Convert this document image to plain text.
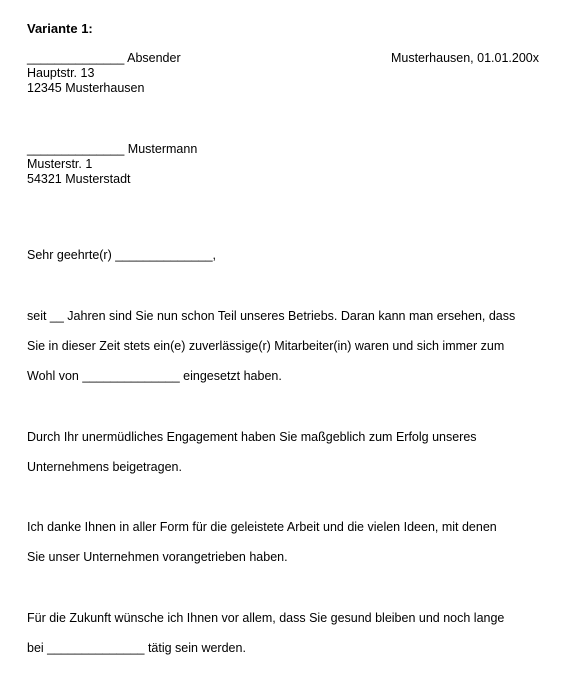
Variante 1:
______________ Absender	Musterhausen, 01.01.200x
Hauptstr. 13
12345 Musterhausen
______________ Mustermann
Musterstr. 1
54321 Musterstadt
Sehr geehrte(r) ______________,
seit __ Jahren sind Sie nun schon Teil unseres Betriebs. Daran kann man ersehen, dass
Sie in dieser Zeit stets ein(e) zuverlässige(r) Mitarbeiter(in) waren und sich immer zum
Wohl von ______________ eingesetzt haben.
Durch Ihr unermüdliches Engagement haben Sie maßgeblich zum Erfolg unseres
Unternehmens beigetragen.
Ich danke Ihnen in aller Form für die geleistete Arbeit und die vielen Ideen, mit denen
Sie unser Unternehmen vorangetrieben haben.
Für die Zukunft wünsche ich Ihnen vor allem, dass Sie gesund bleiben und noch lange
bei ______________ tätig sein werden.
